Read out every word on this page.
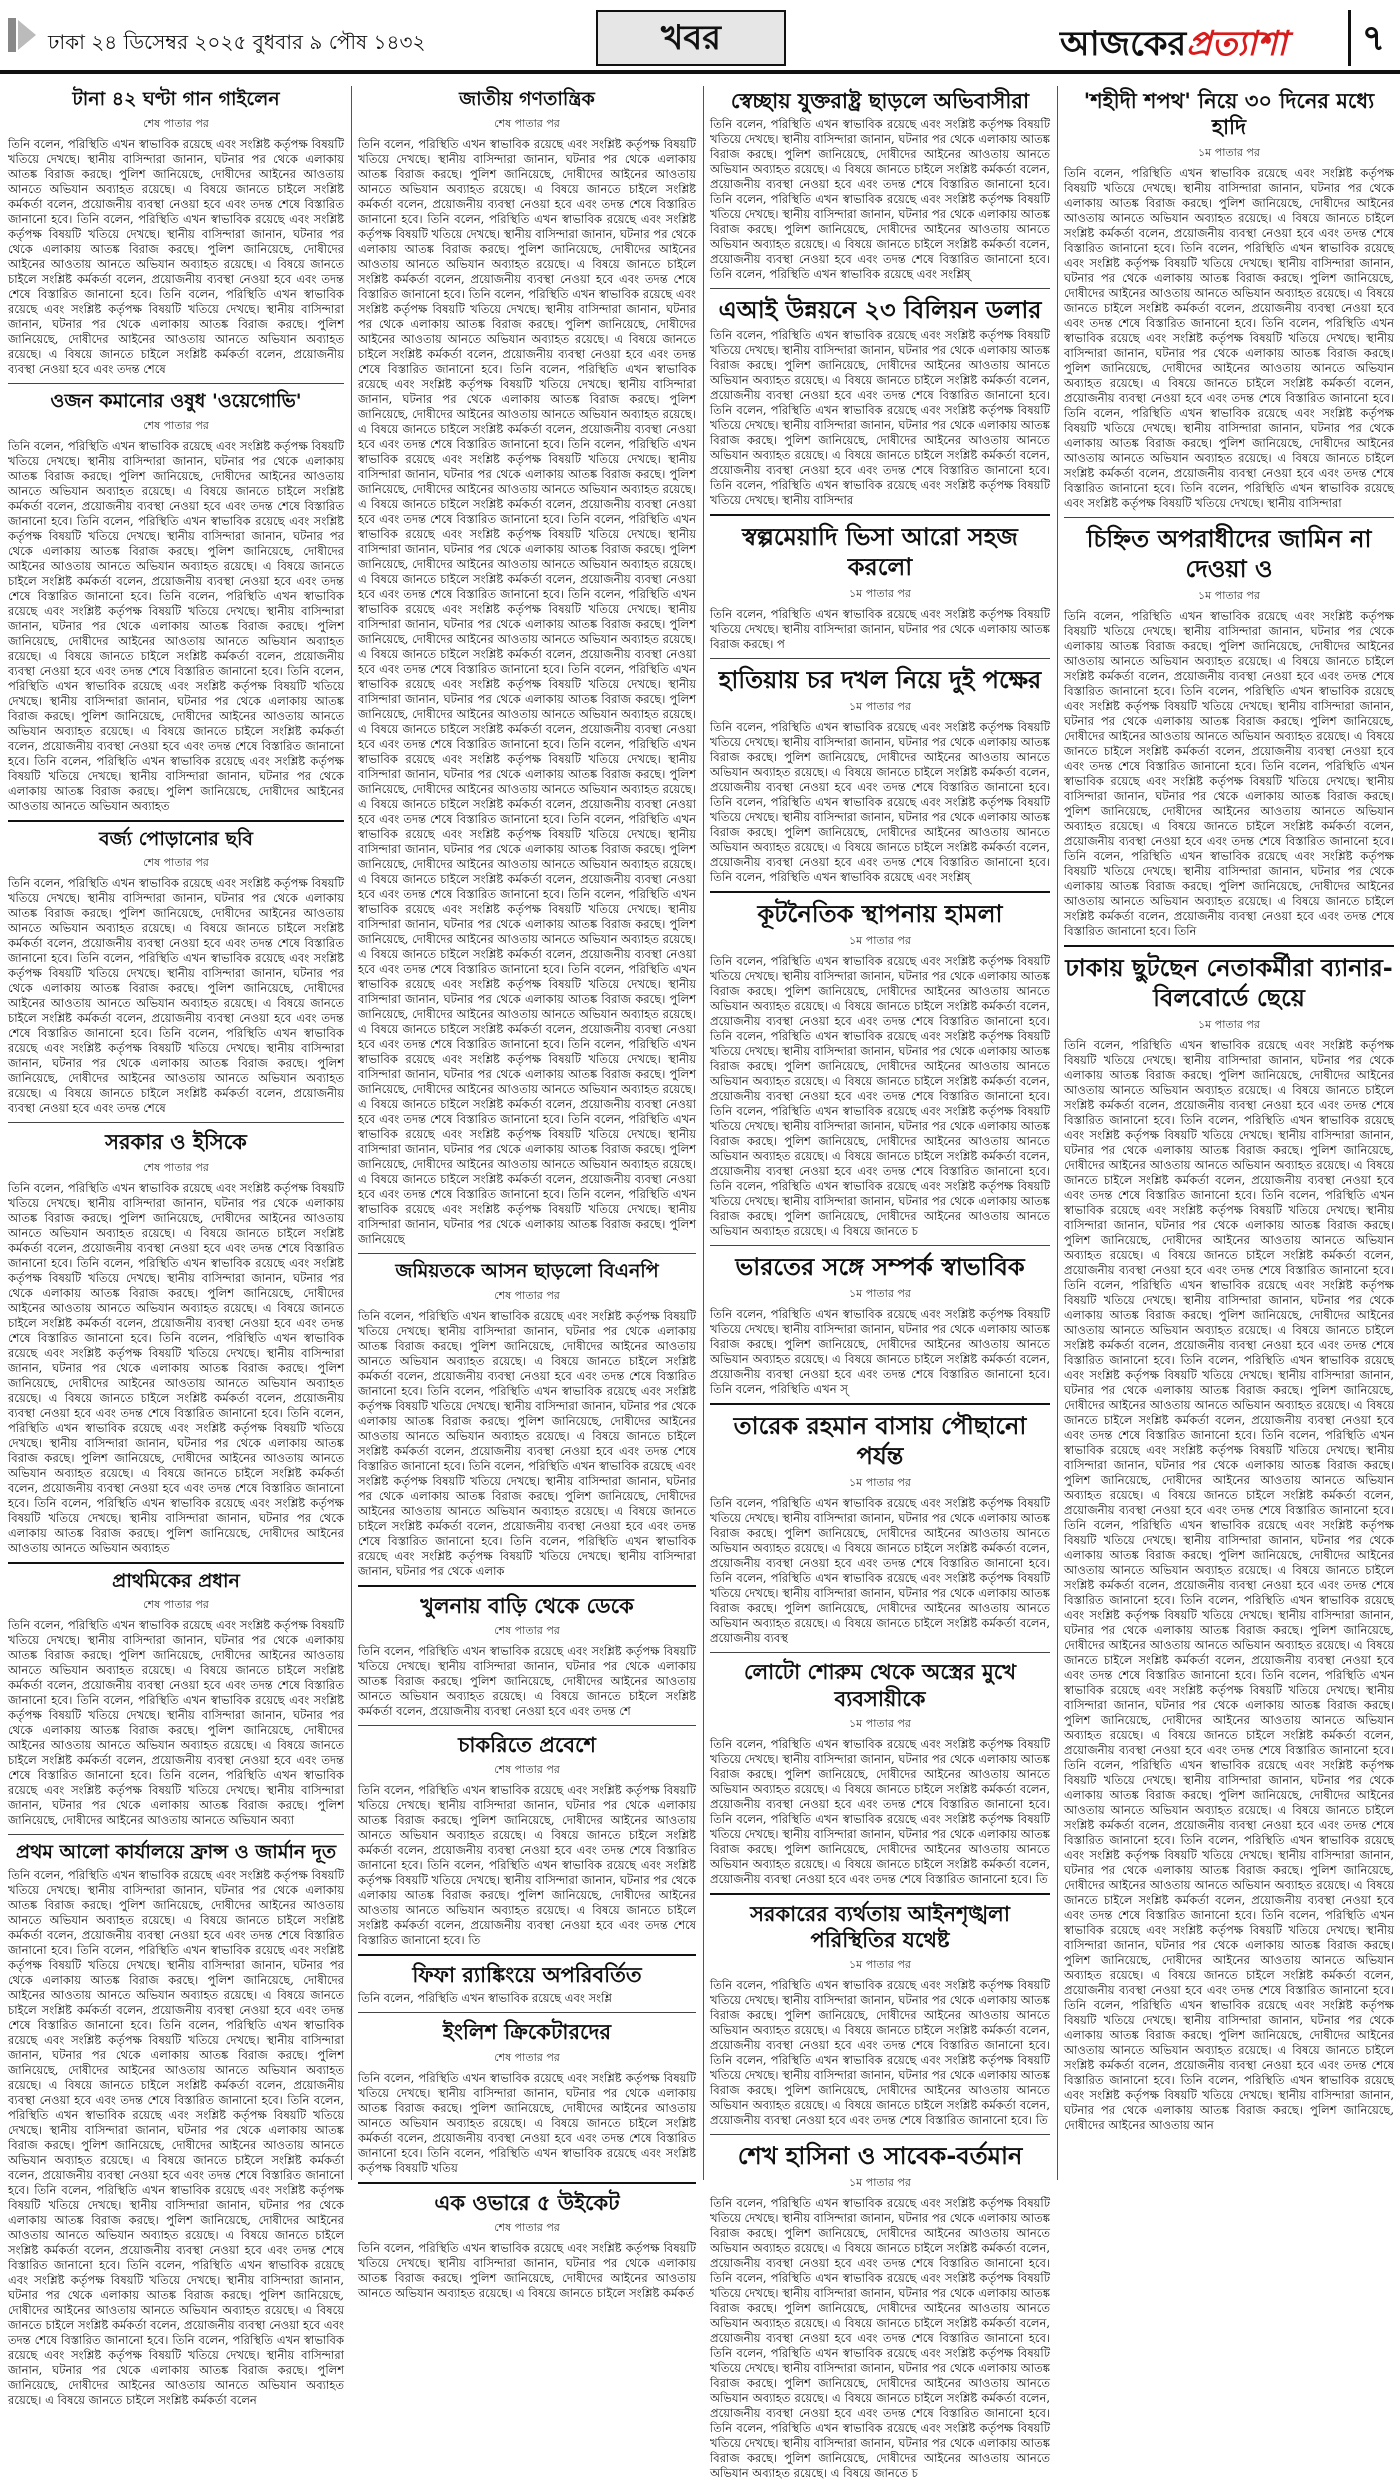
ঢাকা ২৪ ডিসেম্বর ২০২৫ বুধবার ৯ পৌষ ১৪৩২	খবর	আজকেরপ্রত্যাশা	৭
টানা ৪২ ঘণ্টা গান গাইলেন
শেষ পাতার পর
তিনি বলেন, পরিস্থিতি এখন স্বাভাবিক রয়েছে এবং সংশ্লিষ্ট কর্তৃপক্ষ বিষয়টি খতিয়ে দেখছে। স্থানীয় বাসিন্দারা জানান, ঘটনার পর থেকে এলাকায় আতঙ্ক বিরাজ করছে। পুলিশ জানিয়েছে, দোষীদের আইনের আওতায় আনতে অভিযান অব্যাহত রয়েছে। এ বিষয়ে জানতে চাইলে সংশ্লিষ্ট কর্মকর্তা বলেন, প্রয়োজনীয় ব্যবস্থা নেওয়া হবে এবং তদন্ত শেষে বিস্তারিত জানানো হবে। তিনি বলেন, পরিস্থিতি এখন স্বাভাবিক রয়েছে এবং সংশ্লিষ্ট কর্তৃপক্ষ বিষয়টি খতিয়ে দেখছে। স্থানীয় বাসিন্দারা জানান, ঘটনার পর থেকে এলাকায় আতঙ্ক বিরাজ করছে। পুলিশ জানিয়েছে, দোষীদের আইনের আওতায় আনতে অভিযান অব্যাহত রয়েছে। এ বিষয়ে জানতে চাইলে সংশ্লিষ্ট কর্মকর্তা বলেন, প্রয়োজনীয় ব্যবস্থা নেওয়া হবে এবং তদন্ত শেষে বিস্তারিত জানানো হবে। তিনি বলেন, পরিস্থিতি এখন স্বাভাবিক রয়েছে এবং সংশ্লিষ্ট কর্তৃপক্ষ বিষয়টি খতিয়ে দেখছে। স্থানীয় বাসিন্দারা জানান, ঘটনার পর থেকে এলাকায় আতঙ্ক বিরাজ করছে। পুলিশ জানিয়েছে, দোষীদের আইনের আওতায় আনতে অভিযান অব্যাহত রয়েছে। এ বিষয়ে জানতে চাইলে সংশ্লিষ্ট কর্মকর্তা বলেন, প্রয়োজনীয় ব্যবস্থা নেওয়া হবে এবং তদন্ত শেষে
ওজন কমানোর ওষুধ 'ওয়েগোভি'
শেষ পাতার পর
তিনি বলেন, পরিস্থিতি এখন স্বাভাবিক রয়েছে এবং সংশ্লিষ্ট কর্তৃপক্ষ বিষয়টি খতিয়ে দেখছে। স্থানীয় বাসিন্দারা জানান, ঘটনার পর থেকে এলাকায় আতঙ্ক বিরাজ করছে। পুলিশ জানিয়েছে, দোষীদের আইনের আওতায় আনতে অভিযান অব্যাহত রয়েছে। এ বিষয়ে জানতে চাইলে সংশ্লিষ্ট কর্মকর্তা বলেন, প্রয়োজনীয় ব্যবস্থা নেওয়া হবে এবং তদন্ত শেষে বিস্তারিত জানানো হবে। তিনি বলেন, পরিস্থিতি এখন স্বাভাবিক রয়েছে এবং সংশ্লিষ্ট কর্তৃপক্ষ বিষয়টি খতিয়ে দেখছে। স্থানীয় বাসিন্দারা জানান, ঘটনার পর থেকে এলাকায় আতঙ্ক বিরাজ করছে। পুলিশ জানিয়েছে, দোষীদের আইনের আওতায় আনতে অভিযান অব্যাহত রয়েছে। এ বিষয়ে জানতে চাইলে সংশ্লিষ্ট কর্মকর্তা বলেন, প্রয়োজনীয় ব্যবস্থা নেওয়া হবে এবং তদন্ত শেষে বিস্তারিত জানানো হবে। তিনি বলেন, পরিস্থিতি এখন স্বাভাবিক রয়েছে এবং সংশ্লিষ্ট কর্তৃপক্ষ বিষয়টি খতিয়ে দেখছে। স্থানীয় বাসিন্দারা জানান, ঘটনার পর থেকে এলাকায় আতঙ্ক বিরাজ করছে। পুলিশ জানিয়েছে, দোষীদের আইনের আওতায় আনতে অভিযান অব্যাহত রয়েছে। এ বিষয়ে জানতে চাইলে সংশ্লিষ্ট কর্মকর্তা বলেন, প্রয়োজনীয় ব্যবস্থা নেওয়া হবে এবং তদন্ত শেষে বিস্তারিত জানানো হবে। তিনি বলেন, পরিস্থিতি এখন স্বাভাবিক রয়েছে এবং সংশ্লিষ্ট কর্তৃপক্ষ বিষয়টি খতিয়ে দেখছে। স্থানীয় বাসিন্দারা জানান, ঘটনার পর থেকে এলাকায় আতঙ্ক বিরাজ করছে। পুলিশ জানিয়েছে, দোষীদের আইনের আওতায় আনতে অভিযান অব্যাহত রয়েছে। এ বিষয়ে জানতে চাইলে সংশ্লিষ্ট কর্মকর্তা বলেন, প্রয়োজনীয় ব্যবস্থা নেওয়া হবে এবং তদন্ত শেষে বিস্তারিত জানানো হবে। তিনি বলেন, পরিস্থিতি এখন স্বাভাবিক রয়েছে এবং সংশ্লিষ্ট কর্তৃপক্ষ বিষয়টি খতিয়ে দেখছে। স্থানীয় বাসিন্দারা জানান, ঘটনার পর থেকে এলাকায় আতঙ্ক বিরাজ করছে। পুলিশ জানিয়েছে, দোষীদের আইনের আওতায় আনতে অভিযান অব্যাহত
বর্জ্য পোড়ানোর ছবি
শেষ পাতার পর
তিনি বলেন, পরিস্থিতি এখন স্বাভাবিক রয়েছে এবং সংশ্লিষ্ট কর্তৃপক্ষ বিষয়টি খতিয়ে দেখছে। স্থানীয় বাসিন্দারা জানান, ঘটনার পর থেকে এলাকায় আতঙ্ক বিরাজ করছে। পুলিশ জানিয়েছে, দোষীদের আইনের আওতায় আনতে অভিযান অব্যাহত রয়েছে। এ বিষয়ে জানতে চাইলে সংশ্লিষ্ট কর্মকর্তা বলেন, প্রয়োজনীয় ব্যবস্থা নেওয়া হবে এবং তদন্ত শেষে বিস্তারিত জানানো হবে। তিনি বলেন, পরিস্থিতি এখন স্বাভাবিক রয়েছে এবং সংশ্লিষ্ট কর্তৃপক্ষ বিষয়টি খতিয়ে দেখছে। স্থানীয় বাসিন্দারা জানান, ঘটনার পর থেকে এলাকায় আতঙ্ক বিরাজ করছে। পুলিশ জানিয়েছে, দোষীদের আইনের আওতায় আনতে অভিযান অব্যাহত রয়েছে। এ বিষয়ে জানতে চাইলে সংশ্লিষ্ট কর্মকর্তা বলেন, প্রয়োজনীয় ব্যবস্থা নেওয়া হবে এবং তদন্ত শেষে বিস্তারিত জানানো হবে। তিনি বলেন, পরিস্থিতি এখন স্বাভাবিক রয়েছে এবং সংশ্লিষ্ট কর্তৃপক্ষ বিষয়টি খতিয়ে দেখছে। স্থানীয় বাসিন্দারা জানান, ঘটনার পর থেকে এলাকায় আতঙ্ক বিরাজ করছে। পুলিশ জানিয়েছে, দোষীদের আইনের আওতায় আনতে অভিযান অব্যাহত রয়েছে। এ বিষয়ে জানতে চাইলে সংশ্লিষ্ট কর্মকর্তা বলেন, প্রয়োজনীয় ব্যবস্থা নেওয়া হবে এবং তদন্ত শেষে
সরকার ও ইসিকে
শেষ পাতার পর
তিনি বলেন, পরিস্থিতি এখন স্বাভাবিক রয়েছে এবং সংশ্লিষ্ট কর্তৃপক্ষ বিষয়টি খতিয়ে দেখছে। স্থানীয় বাসিন্দারা জানান, ঘটনার পর থেকে এলাকায় আতঙ্ক বিরাজ করছে। পুলিশ জানিয়েছে, দোষীদের আইনের আওতায় আনতে অভিযান অব্যাহত রয়েছে। এ বিষয়ে জানতে চাইলে সংশ্লিষ্ট কর্মকর্তা বলেন, প্রয়োজনীয় ব্যবস্থা নেওয়া হবে এবং তদন্ত শেষে বিস্তারিত জানানো হবে। তিনি বলেন, পরিস্থিতি এখন স্বাভাবিক রয়েছে এবং সংশ্লিষ্ট কর্তৃপক্ষ বিষয়টি খতিয়ে দেখছে। স্থানীয় বাসিন্দারা জানান, ঘটনার পর থেকে এলাকায় আতঙ্ক বিরাজ করছে। পুলিশ জানিয়েছে, দোষীদের আইনের আওতায় আনতে অভিযান অব্যাহত রয়েছে। এ বিষয়ে জানতে চাইলে সংশ্লিষ্ট কর্মকর্তা বলেন, প্রয়োজনীয় ব্যবস্থা নেওয়া হবে এবং তদন্ত শেষে বিস্তারিত জানানো হবে। তিনি বলেন, পরিস্থিতি এখন স্বাভাবিক রয়েছে এবং সংশ্লিষ্ট কর্তৃপক্ষ বিষয়টি খতিয়ে দেখছে। স্থানীয় বাসিন্দারা জানান, ঘটনার পর থেকে এলাকায় আতঙ্ক বিরাজ করছে। পুলিশ জানিয়েছে, দোষীদের আইনের আওতায় আনতে অভিযান অব্যাহত রয়েছে। এ বিষয়ে জানতে চাইলে সংশ্লিষ্ট কর্মকর্তা বলেন, প্রয়োজনীয় ব্যবস্থা নেওয়া হবে এবং তদন্ত শেষে বিস্তারিত জানানো হবে। তিনি বলেন, পরিস্থিতি এখন স্বাভাবিক রয়েছে এবং সংশ্লিষ্ট কর্তৃপক্ষ বিষয়টি খতিয়ে দেখছে। স্থানীয় বাসিন্দারা জানান, ঘটনার পর থেকে এলাকায় আতঙ্ক বিরাজ করছে। পুলিশ জানিয়েছে, দোষীদের আইনের আওতায় আনতে অভিযান অব্যাহত রয়েছে। এ বিষয়ে জানতে চাইলে সংশ্লিষ্ট কর্মকর্তা বলেন, প্রয়োজনীয় ব্যবস্থা নেওয়া হবে এবং তদন্ত শেষে বিস্তারিত জানানো হবে। তিনি বলেন, পরিস্থিতি এখন স্বাভাবিক রয়েছে এবং সংশ্লিষ্ট কর্তৃপক্ষ বিষয়টি খতিয়ে দেখছে। স্থানীয় বাসিন্দারা জানান, ঘটনার পর থেকে এলাকায় আতঙ্ক বিরাজ করছে। পুলিশ জানিয়েছে, দোষীদের আইনের আওতায় আনতে অভিযান অব্যাহত
প্রাথমিকের প্রধান
শেষ পাতার পর
তিনি বলেন, পরিস্থিতি এখন স্বাভাবিক রয়েছে এবং সংশ্লিষ্ট কর্তৃপক্ষ বিষয়টি খতিয়ে দেখছে। স্থানীয় বাসিন্দারা জানান, ঘটনার পর থেকে এলাকায় আতঙ্ক বিরাজ করছে। পুলিশ জানিয়েছে, দোষীদের আইনের আওতায় আনতে অভিযান অব্যাহত রয়েছে। এ বিষয়ে জানতে চাইলে সংশ্লিষ্ট কর্মকর্তা বলেন, প্রয়োজনীয় ব্যবস্থা নেওয়া হবে এবং তদন্ত শেষে বিস্তারিত জানানো হবে। তিনি বলেন, পরিস্থিতি এখন স্বাভাবিক রয়েছে এবং সংশ্লিষ্ট কর্তৃপক্ষ বিষয়টি খতিয়ে দেখছে। স্থানীয় বাসিন্দারা জানান, ঘটনার পর থেকে এলাকায় আতঙ্ক বিরাজ করছে। পুলিশ জানিয়েছে, দোষীদের আইনের আওতায় আনতে অভিযান অব্যাহত রয়েছে। এ বিষয়ে জানতে চাইলে সংশ্লিষ্ট কর্মকর্তা বলেন, প্রয়োজনীয় ব্যবস্থা নেওয়া হবে এবং তদন্ত শেষে বিস্তারিত জানানো হবে। তিনি বলেন, পরিস্থিতি এখন স্বাভাবিক রয়েছে এবং সংশ্লিষ্ট কর্তৃপক্ষ বিষয়টি খতিয়ে দেখছে। স্থানীয় বাসিন্দারা জানান, ঘটনার পর থেকে এলাকায় আতঙ্ক বিরাজ করছে। পুলিশ জানিয়েছে, দোষীদের আইনের আওতায় আনতে অভিযান অব্যা
প্রথম আলো কার্যালয়ে ফ্রান্স ও জার্মান দূত
তিনি বলেন, পরিস্থিতি এখন স্বাভাবিক রয়েছে এবং সংশ্লিষ্ট কর্তৃপক্ষ বিষয়টি খতিয়ে দেখছে। স্থানীয় বাসিন্দারা জানান, ঘটনার পর থেকে এলাকায় আতঙ্ক বিরাজ করছে। পুলিশ জানিয়েছে, দোষীদের আইনের আওতায় আনতে অভিযান অব্যাহত রয়েছে। এ বিষয়ে জানতে চাইলে সংশ্লিষ্ট কর্মকর্তা বলেন, প্রয়োজনীয় ব্যবস্থা নেওয়া হবে এবং তদন্ত শেষে বিস্তারিত জানানো হবে। তিনি বলেন, পরিস্থিতি এখন স্বাভাবিক রয়েছে এবং সংশ্লিষ্ট কর্তৃপক্ষ বিষয়টি খতিয়ে দেখছে। স্থানীয় বাসিন্দারা জানান, ঘটনার পর থেকে এলাকায় আতঙ্ক বিরাজ করছে। পুলিশ জানিয়েছে, দোষীদের আইনের আওতায় আনতে অভিযান অব্যাহত রয়েছে। এ বিষয়ে জানতে চাইলে সংশ্লিষ্ট কর্মকর্তা বলেন, প্রয়োজনীয় ব্যবস্থা নেওয়া হবে এবং তদন্ত শেষে বিস্তারিত জানানো হবে। তিনি বলেন, পরিস্থিতি এখন স্বাভাবিক রয়েছে এবং সংশ্লিষ্ট কর্তৃপক্ষ বিষয়টি খতিয়ে দেখছে। স্থানীয় বাসিন্দারা জানান, ঘটনার পর থেকে এলাকায় আতঙ্ক বিরাজ করছে। পুলিশ জানিয়েছে, দোষীদের আইনের আওতায় আনতে অভিযান অব্যাহত রয়েছে। এ বিষয়ে জানতে চাইলে সংশ্লিষ্ট কর্মকর্তা বলেন, প্রয়োজনীয় ব্যবস্থা নেওয়া হবে এবং তদন্ত শেষে বিস্তারিত জানানো হবে। তিনি বলেন, পরিস্থিতি এখন স্বাভাবিক রয়েছে এবং সংশ্লিষ্ট কর্তৃপক্ষ বিষয়টি খতিয়ে দেখছে। স্থানীয় বাসিন্দারা জানান, ঘটনার পর থেকে এলাকায় আতঙ্ক বিরাজ করছে। পুলিশ জানিয়েছে, দোষীদের আইনের আওতায় আনতে অভিযান অব্যাহত রয়েছে। এ বিষয়ে জানতে চাইলে সংশ্লিষ্ট কর্মকর্তা বলেন, প্রয়োজনীয় ব্যবস্থা নেওয়া হবে এবং তদন্ত শেষে বিস্তারিত জানানো হবে। তিনি বলেন, পরিস্থিতি এখন স্বাভাবিক রয়েছে এবং সংশ্লিষ্ট কর্তৃপক্ষ বিষয়টি খতিয়ে দেখছে। স্থানীয় বাসিন্দারা জানান, ঘটনার পর থেকে এলাকায় আতঙ্ক বিরাজ করছে। পুলিশ জানিয়েছে, দোষীদের আইনের আওতায় আনতে অভিযান অব্যাহত রয়েছে। এ বিষয়ে জানতে চাইলে সংশ্লিষ্ট কর্মকর্তা বলেন, প্রয়োজনীয় ব্যবস্থা নেওয়া হবে এবং তদন্ত শেষে বিস্তারিত জানানো হবে। তিনি বলেন, পরিস্থিতি এখন স্বাভাবিক রয়েছে এবং সংশ্লিষ্ট কর্তৃপক্ষ বিষয়টি খতিয়ে দেখছে। স্থানীয় বাসিন্দারা জানান, ঘটনার পর থেকে এলাকায় আতঙ্ক বিরাজ করছে। পুলিশ জানিয়েছে, দোষীদের আইনের আওতায় আনতে অভিযান অব্যাহত রয়েছে। এ বিষয়ে জানতে চাইলে সংশ্লিষ্ট কর্মকর্তা বলেন, প্রয়োজনীয় ব্যবস্থা নেওয়া হবে এবং তদন্ত শেষে বিস্তারিত জানানো হবে। তিনি বলেন, পরিস্থিতি এখন স্বাভাবিক রয়েছে এবং সংশ্লিষ্ট কর্তৃপক্ষ বিষয়টি খতিয়ে দেখছে। স্থানীয় বাসিন্দারা জানান, ঘটনার পর থেকে এলাকায় আতঙ্ক বিরাজ করছে। পুলিশ জানিয়েছে, দোষীদের আইনের আওতায় আনতে অভিযান অব্যাহত রয়েছে। এ বিষয়ে জানতে চাইলে সংশ্লিষ্ট কর্মকর্তা বলেন
জাতীয় গণতান্ত্রিক
শেষ পাতার পর
তিনি বলেন, পরিস্থিতি এখন স্বাভাবিক রয়েছে এবং সংশ্লিষ্ট কর্তৃপক্ষ বিষয়টি খতিয়ে দেখছে। স্থানীয় বাসিন্দারা জানান, ঘটনার পর থেকে এলাকায় আতঙ্ক বিরাজ করছে। পুলিশ জানিয়েছে, দোষীদের আইনের আওতায় আনতে অভিযান অব্যাহত রয়েছে। এ বিষয়ে জানতে চাইলে সংশ্লিষ্ট কর্মকর্তা বলেন, প্রয়োজনীয় ব্যবস্থা নেওয়া হবে এবং তদন্ত শেষে বিস্তারিত জানানো হবে। তিনি বলেন, পরিস্থিতি এখন স্বাভাবিক রয়েছে এবং সংশ্লিষ্ট কর্তৃপক্ষ বিষয়টি খতিয়ে দেখছে। স্থানীয় বাসিন্দারা জানান, ঘটনার পর থেকে এলাকায় আতঙ্ক বিরাজ করছে। পুলিশ জানিয়েছে, দোষীদের আইনের আওতায় আনতে অভিযান অব্যাহত রয়েছে। এ বিষয়ে জানতে চাইলে সংশ্লিষ্ট কর্মকর্তা বলেন, প্রয়োজনীয় ব্যবস্থা নেওয়া হবে এবং তদন্ত শেষে বিস্তারিত জানানো হবে। তিনি বলেন, পরিস্থিতি এখন স্বাভাবিক রয়েছে এবং সংশ্লিষ্ট কর্তৃপক্ষ বিষয়টি খতিয়ে দেখছে। স্থানীয় বাসিন্দারা জানান, ঘটনার পর থেকে এলাকায় আতঙ্ক বিরাজ করছে। পুলিশ জানিয়েছে, দোষীদের আইনের আওতায় আনতে অভিযান অব্যাহত রয়েছে। এ বিষয়ে জানতে চাইলে সংশ্লিষ্ট কর্মকর্তা বলেন, প্রয়োজনীয় ব্যবস্থা নেওয়া হবে এবং তদন্ত শেষে বিস্তারিত জানানো হবে। তিনি বলেন, পরিস্থিতি এখন স্বাভাবিক রয়েছে এবং সংশ্লিষ্ট কর্তৃপক্ষ বিষয়টি খতিয়ে দেখছে। স্থানীয় বাসিন্দারা জানান, ঘটনার পর থেকে এলাকায় আতঙ্ক বিরাজ করছে। পুলিশ জানিয়েছে, দোষীদের আইনের আওতায় আনতে অভিযান অব্যাহত রয়েছে। এ বিষয়ে জানতে চাইলে সংশ্লিষ্ট কর্মকর্তা বলেন, প্রয়োজনীয় ব্যবস্থা নেওয়া হবে এবং তদন্ত শেষে বিস্তারিত জানানো হবে। তিনি বলেন, পরিস্থিতি এখন স্বাভাবিক রয়েছে এবং সংশ্লিষ্ট কর্তৃপক্ষ বিষয়টি খতিয়ে দেখছে। স্থানীয় বাসিন্দারা জানান, ঘটনার পর থেকে এলাকায় আতঙ্ক বিরাজ করছে। পুলিশ জানিয়েছে, দোষীদের আইনের আওতায় আনতে অভিযান অব্যাহত রয়েছে। এ বিষয়ে জানতে চাইলে সংশ্লিষ্ট কর্মকর্তা বলেন, প্রয়োজনীয় ব্যবস্থা নেওয়া হবে এবং তদন্ত শেষে বিস্তারিত জানানো হবে। তিনি বলেন, পরিস্থিতি এখন স্বাভাবিক রয়েছে এবং সংশ্লিষ্ট কর্তৃপক্ষ বিষয়টি খতিয়ে দেখছে। স্থানীয় বাসিন্দারা জানান, ঘটনার পর থেকে এলাকায় আতঙ্ক বিরাজ করছে। পুলিশ জানিয়েছে, দোষীদের আইনের আওতায় আনতে অভিযান অব্যাহত রয়েছে। এ বিষয়ে জানতে চাইলে সংশ্লিষ্ট কর্মকর্তা বলেন, প্রয়োজনীয় ব্যবস্থা নেওয়া হবে এবং তদন্ত শেষে বিস্তারিত জানানো হবে। তিনি বলেন, পরিস্থিতি এখন স্বাভাবিক রয়েছে এবং সংশ্লিষ্ট কর্তৃপক্ষ বিষয়টি খতিয়ে দেখছে। স্থানীয় বাসিন্দারা জানান, ঘটনার পর থেকে এলাকায় আতঙ্ক বিরাজ করছে। পুলিশ জানিয়েছে, দোষীদের আইনের আওতায় আনতে অভিযান অব্যাহত রয়েছে। এ বিষয়ে জানতে চাইলে সংশ্লিষ্ট কর্মকর্তা বলেন, প্রয়োজনীয় ব্যবস্থা নেওয়া হবে এবং তদন্ত শেষে বিস্তারিত জানানো হবে। তিনি বলেন, পরিস্থিতি এখন স্বাভাবিক রয়েছে এবং সংশ্লিষ্ট কর্তৃপক্ষ বিষয়টি খতিয়ে দেখছে। স্থানীয় বাসিন্দারা জানান, ঘটনার পর থেকে এলাকায় আতঙ্ক বিরাজ করছে। পুলিশ জানিয়েছে, দোষীদের আইনের আওতায় আনতে অভিযান অব্যাহত রয়েছে। এ বিষয়ে জানতে চাইলে সংশ্লিষ্ট কর্মকর্তা বলেন, প্রয়োজনীয় ব্যবস্থা নেওয়া হবে এবং তদন্ত শেষে বিস্তারিত জানানো হবে। তিনি বলেন, পরিস্থিতি এখন স্বাভাবিক রয়েছে এবং সংশ্লিষ্ট কর্তৃপক্ষ বিষয়টি খতিয়ে দেখছে। স্থানীয় বাসিন্দারা জানান, ঘটনার পর থেকে এলাকায় আতঙ্ক বিরাজ করছে। পুলিশ জানিয়েছে, দোষীদের আইনের আওতায় আনতে অভিযান অব্যাহত রয়েছে। এ বিষয়ে জানতে চাইলে সংশ্লিষ্ট কর্মকর্তা বলেন, প্রয়োজনীয় ব্যবস্থা নেওয়া হবে এবং তদন্ত শেষে বিস্তারিত জানানো হবে। তিনি বলেন, পরিস্থিতি এখন স্বাভাবিক রয়েছে এবং সংশ্লিষ্ট কর্তৃপক্ষ বিষয়টি খতিয়ে দেখছে। স্থানীয় বাসিন্দারা জানান, ঘটনার পর থেকে এলাকায় আতঙ্ক বিরাজ করছে। পুলিশ জানিয়েছে, দোষীদের আইনের আওতায় আনতে অভিযান অব্যাহত রয়েছে। এ বিষয়ে জানতে চাইলে সংশ্লিষ্ট কর্মকর্তা বলেন, প্রয়োজনীয় ব্যবস্থা নেওয়া হবে এবং তদন্ত শেষে বিস্তারিত জানানো হবে। তিনি বলেন, পরিস্থিতি এখন স্বাভাবিক রয়েছে এবং সংশ্লিষ্ট কর্তৃপক্ষ বিষয়টি খতিয়ে দেখছে। স্থানীয় বাসিন্দারা জানান, ঘটনার পর থেকে এলাকায় আতঙ্ক বিরাজ করছে। পুলিশ জানিয়েছে, দোষীদের আইনের আওতায় আনতে অভিযান অব্যাহত রয়েছে। এ বিষয়ে জানতে চাইলে সংশ্লিষ্ট কর্মকর্তা বলেন, প্রয়োজনীয় ব্যবস্থা নেওয়া হবে এবং তদন্ত শেষে বিস্তারিত জানানো হবে। তিনি বলেন, পরিস্থিতি এখন স্বাভাবিক রয়েছে এবং সংশ্লিষ্ট কর্তৃপক্ষ বিষয়টি খতিয়ে দেখছে। স্থানীয় বাসিন্দারা জানান, ঘটনার পর থেকে এলাকায় আতঙ্ক বিরাজ করছে। পুলিশ জানিয়েছে, দোষীদের আইনের আওতায় আনতে অভিযান অব্যাহত রয়েছে। এ বিষয়ে জানতে চাইলে সংশ্লিষ্ট কর্মকর্তা বলেন, প্রয়োজনীয় ব্যবস্থা নেওয়া হবে এবং তদন্ত শেষে বিস্তারিত জানানো হবে। তিনি বলেন, পরিস্থিতি এখন স্বাভাবিক রয়েছে এবং সংশ্লিষ্ট কর্তৃপক্ষ বিষয়টি খতিয়ে দেখছে। স্থানীয় বাসিন্দারা জানান, ঘটনার পর থেকে এলাকায় আতঙ্ক বিরাজ করছে। পুলিশ জানিয়েছে, দোষীদের আইনের আওতায় আনতে অভিযান অব্যাহত রয়েছে। এ বিষয়ে জানতে চাইলে সংশ্লিষ্ট কর্মকর্তা বলেন, প্রয়োজনীয় ব্যবস্থা নেওয়া হবে এবং তদন্ত শেষে বিস্তারিত জানানো হবে। তিনি বলেন, পরিস্থিতি এখন স্বাভাবিক রয়েছে এবং সংশ্লিষ্ট কর্তৃপক্ষ বিষয়টি খতিয়ে দেখছে। স্থানীয় বাসিন্দারা জানান, ঘটনার পর থেকে এলাকায় আতঙ্ক বিরাজ করছে। পুলিশ জানিয়েছে, দোষীদের আইনের আওতায় আনতে অভিযান অব্যাহত রয়েছে। এ বিষয়ে জানতে চাইলে সংশ্লিষ্ট কর্মকর্তা বলেন, প্রয়োজনীয় ব্যবস্থা নেওয়া হবে এবং তদন্ত শেষে বিস্তারিত জানানো হবে। তিনি বলেন, পরিস্থিতি এখন স্বাভাবিক রয়েছে এবং সংশ্লিষ্ট কর্তৃপক্ষ বিষয়টি খতিয়ে দেখছে। স্থানীয় বাসিন্দারা জানান, ঘটনার পর থেকে এলাকায় আতঙ্ক বিরাজ করছে। পুলিশ জানিয়েছে
জমিয়তকে আসন ছাড়লো বিএনপি
শেষ পাতার পর
তিনি বলেন, পরিস্থিতি এখন স্বাভাবিক রয়েছে এবং সংশ্লিষ্ট কর্তৃপক্ষ বিষয়টি খতিয়ে দেখছে। স্থানীয় বাসিন্দারা জানান, ঘটনার পর থেকে এলাকায় আতঙ্ক বিরাজ করছে। পুলিশ জানিয়েছে, দোষীদের আইনের আওতায় আনতে অভিযান অব্যাহত রয়েছে। এ বিষয়ে জানতে চাইলে সংশ্লিষ্ট কর্মকর্তা বলেন, প্রয়োজনীয় ব্যবস্থা নেওয়া হবে এবং তদন্ত শেষে বিস্তারিত জানানো হবে। তিনি বলেন, পরিস্থিতি এখন স্বাভাবিক রয়েছে এবং সংশ্লিষ্ট কর্তৃপক্ষ বিষয়টি খতিয়ে দেখছে। স্থানীয় বাসিন্দারা জানান, ঘটনার পর থেকে এলাকায় আতঙ্ক বিরাজ করছে। পুলিশ জানিয়েছে, দোষীদের আইনের আওতায় আনতে অভিযান অব্যাহত রয়েছে। এ বিষয়ে জানতে চাইলে সংশ্লিষ্ট কর্মকর্তা বলেন, প্রয়োজনীয় ব্যবস্থা নেওয়া হবে এবং তদন্ত শেষে বিস্তারিত জানানো হবে। তিনি বলেন, পরিস্থিতি এখন স্বাভাবিক রয়েছে এবং সংশ্লিষ্ট কর্তৃপক্ষ বিষয়টি খতিয়ে দেখছে। স্থানীয় বাসিন্দারা জানান, ঘটনার পর থেকে এলাকায় আতঙ্ক বিরাজ করছে। পুলিশ জানিয়েছে, দোষীদের আইনের আওতায় আনতে অভিযান অব্যাহত রয়েছে। এ বিষয়ে জানতে চাইলে সংশ্লিষ্ট কর্মকর্তা বলেন, প্রয়োজনীয় ব্যবস্থা নেওয়া হবে এবং তদন্ত শেষে বিস্তারিত জানানো হবে। তিনি বলেন, পরিস্থিতি এখন স্বাভাবিক রয়েছে এবং সংশ্লিষ্ট কর্তৃপক্ষ বিষয়টি খতিয়ে দেখছে। স্থানীয় বাসিন্দারা জানান, ঘটনার পর থেকে এলাক
খুলনায় বাড়ি থেকে ডেকে
শেষ পাতার পর
তিনি বলেন, পরিস্থিতি এখন স্বাভাবিক রয়েছে এবং সংশ্লিষ্ট কর্তৃপক্ষ বিষয়টি খতিয়ে দেখছে। স্থানীয় বাসিন্দারা জানান, ঘটনার পর থেকে এলাকায় আতঙ্ক বিরাজ করছে। পুলিশ জানিয়েছে, দোষীদের আইনের আওতায় আনতে অভিযান অব্যাহত রয়েছে। এ বিষয়ে জানতে চাইলে সংশ্লিষ্ট কর্মকর্তা বলেন, প্রয়োজনীয় ব্যবস্থা নেওয়া হবে এবং তদন্ত শে
চাকরিতে প্রবেশে
শেষ পাতার পর
তিনি বলেন, পরিস্থিতি এখন স্বাভাবিক রয়েছে এবং সংশ্লিষ্ট কর্তৃপক্ষ বিষয়টি খতিয়ে দেখছে। স্থানীয় বাসিন্দারা জানান, ঘটনার পর থেকে এলাকায় আতঙ্ক বিরাজ করছে। পুলিশ জানিয়েছে, দোষীদের আইনের আওতায় আনতে অভিযান অব্যাহত রয়েছে। এ বিষয়ে জানতে চাইলে সংশ্লিষ্ট কর্মকর্তা বলেন, প্রয়োজনীয় ব্যবস্থা নেওয়া হবে এবং তদন্ত শেষে বিস্তারিত জানানো হবে। তিনি বলেন, পরিস্থিতি এখন স্বাভাবিক রয়েছে এবং সংশ্লিষ্ট কর্তৃপক্ষ বিষয়টি খতিয়ে দেখছে। স্থানীয় বাসিন্দারা জানান, ঘটনার পর থেকে এলাকায় আতঙ্ক বিরাজ করছে। পুলিশ জানিয়েছে, দোষীদের আইনের আওতায় আনতে অভিযান অব্যাহত রয়েছে। এ বিষয়ে জানতে চাইলে সংশ্লিষ্ট কর্মকর্তা বলেন, প্রয়োজনীয় ব্যবস্থা নেওয়া হবে এবং তদন্ত শেষে বিস্তারিত জানানো হবে। তি
ফিফা র‍্যাঙ্কিংয়ে অপরিবর্তিত
তিনি বলেন, পরিস্থিতি এখন স্বাভাবিক রয়েছে এবং সংশ্লি
ইংলিশ ক্রিকেটারদের
শেষ পাতার পর
তিনি বলেন, পরিস্থিতি এখন স্বাভাবিক রয়েছে এবং সংশ্লিষ্ট কর্তৃপক্ষ বিষয়টি খতিয়ে দেখছে। স্থানীয় বাসিন্দারা জানান, ঘটনার পর থেকে এলাকায় আতঙ্ক বিরাজ করছে। পুলিশ জানিয়েছে, দোষীদের আইনের আওতায় আনতে অভিযান অব্যাহত রয়েছে। এ বিষয়ে জানতে চাইলে সংশ্লিষ্ট কর্মকর্তা বলেন, প্রয়োজনীয় ব্যবস্থা নেওয়া হবে এবং তদন্ত শেষে বিস্তারিত জানানো হবে। তিনি বলেন, পরিস্থিতি এখন স্বাভাবিক রয়েছে এবং সংশ্লিষ্ট কর্তৃপক্ষ বিষয়টি খতিয়
এক ওভারে ৫ উইকেট
শেষ পাতার পর
তিনি বলেন, পরিস্থিতি এখন স্বাভাবিক রয়েছে এবং সংশ্লিষ্ট কর্তৃপক্ষ বিষয়টি খতিয়ে দেখছে। স্থানীয় বাসিন্দারা জানান, ঘটনার পর থেকে এলাকায় আতঙ্ক বিরাজ করছে। পুলিশ জানিয়েছে, দোষীদের আইনের আওতায় আনতে অভিযান অব্যাহত রয়েছে। এ বিষয়ে জানতে চাইলে সংশ্লিষ্ট কর্মকর্ত
স্বেচ্ছায় যুক্তরাষ্ট্র ছাড়লে অভিবাসীরা
তিনি বলেন, পরিস্থিতি এখন স্বাভাবিক রয়েছে এবং সংশ্লিষ্ট কর্তৃপক্ষ বিষয়টি খতিয়ে দেখছে। স্থানীয় বাসিন্দারা জানান, ঘটনার পর থেকে এলাকায় আতঙ্ক বিরাজ করছে। পুলিশ জানিয়েছে, দোষীদের আইনের আওতায় আনতে অভিযান অব্যাহত রয়েছে। এ বিষয়ে জানতে চাইলে সংশ্লিষ্ট কর্মকর্তা বলেন, প্রয়োজনীয় ব্যবস্থা নেওয়া হবে এবং তদন্ত শেষে বিস্তারিত জানানো হবে। তিনি বলেন, পরিস্থিতি এখন স্বাভাবিক রয়েছে এবং সংশ্লিষ্ট কর্তৃপক্ষ বিষয়টি খতিয়ে দেখছে। স্থানীয় বাসিন্দারা জানান, ঘটনার পর থেকে এলাকায় আতঙ্ক বিরাজ করছে। পুলিশ জানিয়েছে, দোষীদের আইনের আওতায় আনতে অভিযান অব্যাহত রয়েছে। এ বিষয়ে জানতে চাইলে সংশ্লিষ্ট কর্মকর্তা বলেন, প্রয়োজনীয় ব্যবস্থা নেওয়া হবে এবং তদন্ত শেষে বিস্তারিত জানানো হবে। তিনি বলেন, পরিস্থিতি এখন স্বাভাবিক রয়েছে এবং সংশ্লিষ্
এআই উন্নয়নে ২৩ বিলিয়ন ডলার
তিনি বলেন, পরিস্থিতি এখন স্বাভাবিক রয়েছে এবং সংশ্লিষ্ট কর্তৃপক্ষ বিষয়টি খতিয়ে দেখছে। স্থানীয় বাসিন্দারা জানান, ঘটনার পর থেকে এলাকায় আতঙ্ক বিরাজ করছে। পুলিশ জানিয়েছে, দোষীদের আইনের আওতায় আনতে অভিযান অব্যাহত রয়েছে। এ বিষয়ে জানতে চাইলে সংশ্লিষ্ট কর্মকর্তা বলেন, প্রয়োজনীয় ব্যবস্থা নেওয়া হবে এবং তদন্ত শেষে বিস্তারিত জানানো হবে। তিনি বলেন, পরিস্থিতি এখন স্বাভাবিক রয়েছে এবং সংশ্লিষ্ট কর্তৃপক্ষ বিষয়টি খতিয়ে দেখছে। স্থানীয় বাসিন্দারা জানান, ঘটনার পর থেকে এলাকায় আতঙ্ক বিরাজ করছে। পুলিশ জানিয়েছে, দোষীদের আইনের আওতায় আনতে অভিযান অব্যাহত রয়েছে। এ বিষয়ে জানতে চাইলে সংশ্লিষ্ট কর্মকর্তা বলেন, প্রয়োজনীয় ব্যবস্থা নেওয়া হবে এবং তদন্ত শেষে বিস্তারিত জানানো হবে। তিনি বলেন, পরিস্থিতি এখন স্বাভাবিক রয়েছে এবং সংশ্লিষ্ট কর্তৃপক্ষ বিষয়টি খতিয়ে দেখছে। স্থানীয় বাসিন্দার
স্বল্পমেয়াদি ভিসা আরো সহজ করলো
১ম পাতার পর
তিনি বলেন, পরিস্থিতি এখন স্বাভাবিক রয়েছে এবং সংশ্লিষ্ট কর্তৃপক্ষ বিষয়টি খতিয়ে দেখছে। স্থানীয় বাসিন্দারা জানান, ঘটনার পর থেকে এলাকায় আতঙ্ক বিরাজ করছে। প
হাতিয়ায় চর দখল নিয়ে দুই পক্ষের
১ম পাতার পর
তিনি বলেন, পরিস্থিতি এখন স্বাভাবিক রয়েছে এবং সংশ্লিষ্ট কর্তৃপক্ষ বিষয়টি খতিয়ে দেখছে। স্থানীয় বাসিন্দারা জানান, ঘটনার পর থেকে এলাকায় আতঙ্ক বিরাজ করছে। পুলিশ জানিয়েছে, দোষীদের আইনের আওতায় আনতে অভিযান অব্যাহত রয়েছে। এ বিষয়ে জানতে চাইলে সংশ্লিষ্ট কর্মকর্তা বলেন, প্রয়োজনীয় ব্যবস্থা নেওয়া হবে এবং তদন্ত শেষে বিস্তারিত জানানো হবে। তিনি বলেন, পরিস্থিতি এখন স্বাভাবিক রয়েছে এবং সংশ্লিষ্ট কর্তৃপক্ষ বিষয়টি খতিয়ে দেখছে। স্থানীয় বাসিন্দারা জানান, ঘটনার পর থেকে এলাকায় আতঙ্ক বিরাজ করছে। পুলিশ জানিয়েছে, দোষীদের আইনের আওতায় আনতে অভিযান অব্যাহত রয়েছে। এ বিষয়ে জানতে চাইলে সংশ্লিষ্ট কর্মকর্তা বলেন, প্রয়োজনীয় ব্যবস্থা নেওয়া হবে এবং তদন্ত শেষে বিস্তারিত জানানো হবে। তিনি বলেন, পরিস্থিতি এখন স্বাভাবিক রয়েছে এবং সংশ্লিষ্
কূটনৈতিক স্থাপনায় হামলা
১ম পাতার পর
তিনি বলেন, পরিস্থিতি এখন স্বাভাবিক রয়েছে এবং সংশ্লিষ্ট কর্তৃপক্ষ বিষয়টি খতিয়ে দেখছে। স্থানীয় বাসিন্দারা জানান, ঘটনার পর থেকে এলাকায় আতঙ্ক বিরাজ করছে। পুলিশ জানিয়েছে, দোষীদের আইনের আওতায় আনতে অভিযান অব্যাহত রয়েছে। এ বিষয়ে জানতে চাইলে সংশ্লিষ্ট কর্মকর্তা বলেন, প্রয়োজনীয় ব্যবস্থা নেওয়া হবে এবং তদন্ত শেষে বিস্তারিত জানানো হবে। তিনি বলেন, পরিস্থিতি এখন স্বাভাবিক রয়েছে এবং সংশ্লিষ্ট কর্তৃপক্ষ বিষয়টি খতিয়ে দেখছে। স্থানীয় বাসিন্দারা জানান, ঘটনার পর থেকে এলাকায় আতঙ্ক বিরাজ করছে। পুলিশ জানিয়েছে, দোষীদের আইনের আওতায় আনতে অভিযান অব্যাহত রয়েছে। এ বিষয়ে জানতে চাইলে সংশ্লিষ্ট কর্মকর্তা বলেন, প্রয়োজনীয় ব্যবস্থা নেওয়া হবে এবং তদন্ত শেষে বিস্তারিত জানানো হবে। তিনি বলেন, পরিস্থিতি এখন স্বাভাবিক রয়েছে এবং সংশ্লিষ্ট কর্তৃপক্ষ বিষয়টি খতিয়ে দেখছে। স্থানীয় বাসিন্দারা জানান, ঘটনার পর থেকে এলাকায় আতঙ্ক বিরাজ করছে। পুলিশ জানিয়েছে, দোষীদের আইনের আওতায় আনতে অভিযান অব্যাহত রয়েছে। এ বিষয়ে জানতে চাইলে সংশ্লিষ্ট কর্মকর্তা বলেন, প্রয়োজনীয় ব্যবস্থা নেওয়া হবে এবং তদন্ত শেষে বিস্তারিত জানানো হবে। তিনি বলেন, পরিস্থিতি এখন স্বাভাবিক রয়েছে এবং সংশ্লিষ্ট কর্তৃপক্ষ বিষয়টি খতিয়ে দেখছে। স্থানীয় বাসিন্দারা জানান, ঘটনার পর থেকে এলাকায় আতঙ্ক বিরাজ করছে। পুলিশ জানিয়েছে, দোষীদের আইনের আওতায় আনতে অভিযান অব্যাহত রয়েছে। এ বিষয়ে জানতে চ
ভারতের সঙ্গে সম্পর্ক স্বাভাবিক
১ম পাতার পর
তিনি বলেন, পরিস্থিতি এখন স্বাভাবিক রয়েছে এবং সংশ্লিষ্ট কর্তৃপক্ষ বিষয়টি খতিয়ে দেখছে। স্থানীয় বাসিন্দারা জানান, ঘটনার পর থেকে এলাকায় আতঙ্ক বিরাজ করছে। পুলিশ জানিয়েছে, দোষীদের আইনের আওতায় আনতে অভিযান অব্যাহত রয়েছে। এ বিষয়ে জানতে চাইলে সংশ্লিষ্ট কর্মকর্তা বলেন, প্রয়োজনীয় ব্যবস্থা নেওয়া হবে এবং তদন্ত শেষে বিস্তারিত জানানো হবে। তিনি বলেন, পরিস্থিতি এখন স্
তারেক রহমান বাসায় পৌছানো পর্যন্ত
১ম পাতার পর
তিনি বলেন, পরিস্থিতি এখন স্বাভাবিক রয়েছে এবং সংশ্লিষ্ট কর্তৃপক্ষ বিষয়টি খতিয়ে দেখছে। স্থানীয় বাসিন্দারা জানান, ঘটনার পর থেকে এলাকায় আতঙ্ক বিরাজ করছে। পুলিশ জানিয়েছে, দোষীদের আইনের আওতায় আনতে অভিযান অব্যাহত রয়েছে। এ বিষয়ে জানতে চাইলে সংশ্লিষ্ট কর্মকর্তা বলেন, প্রয়োজনীয় ব্যবস্থা নেওয়া হবে এবং তদন্ত শেষে বিস্তারিত জানানো হবে। তিনি বলেন, পরিস্থিতি এখন স্বাভাবিক রয়েছে এবং সংশ্লিষ্ট কর্তৃপক্ষ বিষয়টি খতিয়ে দেখছে। স্থানীয় বাসিন্দারা জানান, ঘটনার পর থেকে এলাকায় আতঙ্ক বিরাজ করছে। পুলিশ জানিয়েছে, দোষীদের আইনের আওতায় আনতে অভিযান অব্যাহত রয়েছে। এ বিষয়ে জানতে চাইলে সংশ্লিষ্ট কর্মকর্তা বলেন, প্রয়োজনীয় ব্যবস্থ
লোটো শোরুম থেকে অস্ত্রের মুখে ব্যবসায়ীকে
১ম পাতার পর
তিনি বলেন, পরিস্থিতি এখন স্বাভাবিক রয়েছে এবং সংশ্লিষ্ট কর্তৃপক্ষ বিষয়টি খতিয়ে দেখছে। স্থানীয় বাসিন্দারা জানান, ঘটনার পর থেকে এলাকায় আতঙ্ক বিরাজ করছে। পুলিশ জানিয়েছে, দোষীদের আইনের আওতায় আনতে অভিযান অব্যাহত রয়েছে। এ বিষয়ে জানতে চাইলে সংশ্লিষ্ট কর্মকর্তা বলেন, প্রয়োজনীয় ব্যবস্থা নেওয়া হবে এবং তদন্ত শেষে বিস্তারিত জানানো হবে। তিনি বলেন, পরিস্থিতি এখন স্বাভাবিক রয়েছে এবং সংশ্লিষ্ট কর্তৃপক্ষ বিষয়টি খতিয়ে দেখছে। স্থানীয় বাসিন্দারা জানান, ঘটনার পর থেকে এলাকায় আতঙ্ক বিরাজ করছে। পুলিশ জানিয়েছে, দোষীদের আইনের আওতায় আনতে অভিযান অব্যাহত রয়েছে। এ বিষয়ে জানতে চাইলে সংশ্লিষ্ট কর্মকর্তা বলেন, প্রয়োজনীয় ব্যবস্থা নেওয়া হবে এবং তদন্ত শেষে বিস্তারিত জানানো হবে। তি
সরকারের ব্যর্থতায় আইনশৃঙ্খলা পরিস্থিতির যথেষ্ট
১ম পাতার পর
তিনি বলেন, পরিস্থিতি এখন স্বাভাবিক রয়েছে এবং সংশ্লিষ্ট কর্তৃপক্ষ বিষয়টি খতিয়ে দেখছে। স্থানীয় বাসিন্দারা জানান, ঘটনার পর থেকে এলাকায় আতঙ্ক বিরাজ করছে। পুলিশ জানিয়েছে, দোষীদের আইনের আওতায় আনতে অভিযান অব্যাহত রয়েছে। এ বিষয়ে জানতে চাইলে সংশ্লিষ্ট কর্মকর্তা বলেন, প্রয়োজনীয় ব্যবস্থা নেওয়া হবে এবং তদন্ত শেষে বিস্তারিত জানানো হবে। তিনি বলেন, পরিস্থিতি এখন স্বাভাবিক রয়েছে এবং সংশ্লিষ্ট কর্তৃপক্ষ বিষয়টি খতিয়ে দেখছে। স্থানীয় বাসিন্দারা জানান, ঘটনার পর থেকে এলাকায় আতঙ্ক বিরাজ করছে। পুলিশ জানিয়েছে, দোষীদের আইনের আওতায় আনতে অভিযান অব্যাহত রয়েছে। এ বিষয়ে জানতে চাইলে সংশ্লিষ্ট কর্মকর্তা বলেন, প্রয়োজনীয় ব্যবস্থা নেওয়া হবে এবং তদন্ত শেষে বিস্তারিত জানানো হবে। তি
শেখ হাসিনা ও সাবেক-বর্তমান
১ম পাতার পর
তিনি বলেন, পরিস্থিতি এখন স্বাভাবিক রয়েছে এবং সংশ্লিষ্ট কর্তৃপক্ষ বিষয়টি খতিয়ে দেখছে। স্থানীয় বাসিন্দারা জানান, ঘটনার পর থেকে এলাকায় আতঙ্ক বিরাজ করছে। পুলিশ জানিয়েছে, দোষীদের আইনের আওতায় আনতে অভিযান অব্যাহত রয়েছে। এ বিষয়ে জানতে চাইলে সংশ্লিষ্ট কর্মকর্তা বলেন, প্রয়োজনীয় ব্যবস্থা নেওয়া হবে এবং তদন্ত শেষে বিস্তারিত জানানো হবে। তিনি বলেন, পরিস্থিতি এখন স্বাভাবিক রয়েছে এবং সংশ্লিষ্ট কর্তৃপক্ষ বিষয়টি খতিয়ে দেখছে। স্থানীয় বাসিন্দারা জানান, ঘটনার পর থেকে এলাকায় আতঙ্ক বিরাজ করছে। পুলিশ জানিয়েছে, দোষীদের আইনের আওতায় আনতে অভিযান অব্যাহত রয়েছে। এ বিষয়ে জানতে চাইলে সংশ্লিষ্ট কর্মকর্তা বলেন, প্রয়োজনীয় ব্যবস্থা নেওয়া হবে এবং তদন্ত শেষে বিস্তারিত জানানো হবে। তিনি বলেন, পরিস্থিতি এখন স্বাভাবিক রয়েছে এবং সংশ্লিষ্ট কর্তৃপক্ষ বিষয়টি খতিয়ে দেখছে। স্থানীয় বাসিন্দারা জানান, ঘটনার পর থেকে এলাকায় আতঙ্ক বিরাজ করছে। পুলিশ জানিয়েছে, দোষীদের আইনের আওতায় আনতে অভিযান অব্যাহত রয়েছে। এ বিষয়ে জানতে চাইলে সংশ্লিষ্ট কর্মকর্তা বলেন, প্রয়োজনীয় ব্যবস্থা নেওয়া হবে এবং তদন্ত শেষে বিস্তারিত জানানো হবে। তিনি বলেন, পরিস্থিতি এখন স্বাভাবিক রয়েছে এবং সংশ্লিষ্ট কর্তৃপক্ষ বিষয়টি খতিয়ে দেখছে। স্থানীয় বাসিন্দারা জানান, ঘটনার পর থেকে এলাকায় আতঙ্ক বিরাজ করছে। পুলিশ জানিয়েছে, দোষীদের আইনের আওতায় আনতে অভিযান অব্যাহত রয়েছে। এ বিষয়ে জানতে চ
'শহীদী শপথ' নিয়ে ৩০ দিনের মধ্যে হাদি
১ম পাতার পর
তিনি বলেন, পরিস্থিতি এখন স্বাভাবিক রয়েছে এবং সংশ্লিষ্ট কর্তৃপক্ষ বিষয়টি খতিয়ে দেখছে। স্থানীয় বাসিন্দারা জানান, ঘটনার পর থেকে এলাকায় আতঙ্ক বিরাজ করছে। পুলিশ জানিয়েছে, দোষীদের আইনের আওতায় আনতে অভিযান অব্যাহত রয়েছে। এ বিষয়ে জানতে চাইলে সংশ্লিষ্ট কর্মকর্তা বলেন, প্রয়োজনীয় ব্যবস্থা নেওয়া হবে এবং তদন্ত শেষে বিস্তারিত জানানো হবে। তিনি বলেন, পরিস্থিতি এখন স্বাভাবিক রয়েছে এবং সংশ্লিষ্ট কর্তৃপক্ষ বিষয়টি খতিয়ে দেখছে। স্থানীয় বাসিন্দারা জানান, ঘটনার পর থেকে এলাকায় আতঙ্ক বিরাজ করছে। পুলিশ জানিয়েছে, দোষীদের আইনের আওতায় আনতে অভিযান অব্যাহত রয়েছে। এ বিষয়ে জানতে চাইলে সংশ্লিষ্ট কর্মকর্তা বলেন, প্রয়োজনীয় ব্যবস্থা নেওয়া হবে এবং তদন্ত শেষে বিস্তারিত জানানো হবে। তিনি বলেন, পরিস্থিতি এখন স্বাভাবিক রয়েছে এবং সংশ্লিষ্ট কর্তৃপক্ষ বিষয়টি খতিয়ে দেখছে। স্থানীয় বাসিন্দারা জানান, ঘটনার পর থেকে এলাকায় আতঙ্ক বিরাজ করছে। পুলিশ জানিয়েছে, দোষীদের আইনের আওতায় আনতে অভিযান অব্যাহত রয়েছে। এ বিষয়ে জানতে চাইলে সংশ্লিষ্ট কর্মকর্তা বলেন, প্রয়োজনীয় ব্যবস্থা নেওয়া হবে এবং তদন্ত শেষে বিস্তারিত জানানো হবে। তিনি বলেন, পরিস্থিতি এখন স্বাভাবিক রয়েছে এবং সংশ্লিষ্ট কর্তৃপক্ষ বিষয়টি খতিয়ে দেখছে। স্থানীয় বাসিন্দারা জানান, ঘটনার পর থেকে এলাকায় আতঙ্ক বিরাজ করছে। পুলিশ জানিয়েছে, দোষীদের আইনের আওতায় আনতে অভিযান অব্যাহত রয়েছে। এ বিষয়ে জানতে চাইলে সংশ্লিষ্ট কর্মকর্তা বলেন, প্রয়োজনীয় ব্যবস্থা নেওয়া হবে এবং তদন্ত শেষে বিস্তারিত জানানো হবে। তিনি বলেন, পরিস্থিতি এখন স্বাভাবিক রয়েছে এবং সংশ্লিষ্ট কর্তৃপক্ষ বিষয়টি খতিয়ে দেখছে। স্থানীয় বাসিন্দারা
চিহ্নিত অপরাধীদের জামিন না দেওয়া ও
১ম পাতার পর
তিনি বলেন, পরিস্থিতি এখন স্বাভাবিক রয়েছে এবং সংশ্লিষ্ট কর্তৃপক্ষ বিষয়টি খতিয়ে দেখছে। স্থানীয় বাসিন্দারা জানান, ঘটনার পর থেকে এলাকায় আতঙ্ক বিরাজ করছে। পুলিশ জানিয়েছে, দোষীদের আইনের আওতায় আনতে অভিযান অব্যাহত রয়েছে। এ বিষয়ে জানতে চাইলে সংশ্লিষ্ট কর্মকর্তা বলেন, প্রয়োজনীয় ব্যবস্থা নেওয়া হবে এবং তদন্ত শেষে বিস্তারিত জানানো হবে। তিনি বলেন, পরিস্থিতি এখন স্বাভাবিক রয়েছে এবং সংশ্লিষ্ট কর্তৃপক্ষ বিষয়টি খতিয়ে দেখছে। স্থানীয় বাসিন্দারা জানান, ঘটনার পর থেকে এলাকায় আতঙ্ক বিরাজ করছে। পুলিশ জানিয়েছে, দোষীদের আইনের আওতায় আনতে অভিযান অব্যাহত রয়েছে। এ বিষয়ে জানতে চাইলে সংশ্লিষ্ট কর্মকর্তা বলেন, প্রয়োজনীয় ব্যবস্থা নেওয়া হবে এবং তদন্ত শেষে বিস্তারিত জানানো হবে। তিনি বলেন, পরিস্থিতি এখন স্বাভাবিক রয়েছে এবং সংশ্লিষ্ট কর্তৃপক্ষ বিষয়টি খতিয়ে দেখছে। স্থানীয় বাসিন্দারা জানান, ঘটনার পর থেকে এলাকায় আতঙ্ক বিরাজ করছে। পুলিশ জানিয়েছে, দোষীদের আইনের আওতায় আনতে অভিযান অব্যাহত রয়েছে। এ বিষয়ে জানতে চাইলে সংশ্লিষ্ট কর্মকর্তা বলেন, প্রয়োজনীয় ব্যবস্থা নেওয়া হবে এবং তদন্ত শেষে বিস্তারিত জানানো হবে। তিনি বলেন, পরিস্থিতি এখন স্বাভাবিক রয়েছে এবং সংশ্লিষ্ট কর্তৃপক্ষ বিষয়টি খতিয়ে দেখছে। স্থানীয় বাসিন্দারা জানান, ঘটনার পর থেকে এলাকায় আতঙ্ক বিরাজ করছে। পুলিশ জানিয়েছে, দোষীদের আইনের আওতায় আনতে অভিযান অব্যাহত রয়েছে। এ বিষয়ে জানতে চাইলে সংশ্লিষ্ট কর্মকর্তা বলেন, প্রয়োজনীয় ব্যবস্থা নেওয়া হবে এবং তদন্ত শেষে বিস্তারিত জানানো হবে। তিনি
ঢাকায় ছুটছেন নেতাকর্মীরা ব্যানার-বিলবোর্ডে ছেয়ে
১ম পাতার পর
তিনি বলেন, পরিস্থিতি এখন স্বাভাবিক রয়েছে এবং সংশ্লিষ্ট কর্তৃপক্ষ বিষয়টি খতিয়ে দেখছে। স্থানীয় বাসিন্দারা জানান, ঘটনার পর থেকে এলাকায় আতঙ্ক বিরাজ করছে। পুলিশ জানিয়েছে, দোষীদের আইনের আওতায় আনতে অভিযান অব্যাহত রয়েছে। এ বিষয়ে জানতে চাইলে সংশ্লিষ্ট কর্মকর্তা বলেন, প্রয়োজনীয় ব্যবস্থা নেওয়া হবে এবং তদন্ত শেষে বিস্তারিত জানানো হবে। তিনি বলেন, পরিস্থিতি এখন স্বাভাবিক রয়েছে এবং সংশ্লিষ্ট কর্তৃপক্ষ বিষয়টি খতিয়ে দেখছে। স্থানীয় বাসিন্দারা জানান, ঘটনার পর থেকে এলাকায় আতঙ্ক বিরাজ করছে। পুলিশ জানিয়েছে, দোষীদের আইনের আওতায় আনতে অভিযান অব্যাহত রয়েছে। এ বিষয়ে জানতে চাইলে সংশ্লিষ্ট কর্মকর্তা বলেন, প্রয়োজনীয় ব্যবস্থা নেওয়া হবে এবং তদন্ত শেষে বিস্তারিত জানানো হবে। তিনি বলেন, পরিস্থিতি এখন স্বাভাবিক রয়েছে এবং সংশ্লিষ্ট কর্তৃপক্ষ বিষয়টি খতিয়ে দেখছে। স্থানীয় বাসিন্দারা জানান, ঘটনার পর থেকে এলাকায় আতঙ্ক বিরাজ করছে। পুলিশ জানিয়েছে, দোষীদের আইনের আওতায় আনতে অভিযান অব্যাহত রয়েছে। এ বিষয়ে জানতে চাইলে সংশ্লিষ্ট কর্মকর্তা বলেন, প্রয়োজনীয় ব্যবস্থা নেওয়া হবে এবং তদন্ত শেষে বিস্তারিত জানানো হবে। তিনি বলেন, পরিস্থিতি এখন স্বাভাবিক রয়েছে এবং সংশ্লিষ্ট কর্তৃপক্ষ বিষয়টি খতিয়ে দেখছে। স্থানীয় বাসিন্দারা জানান, ঘটনার পর থেকে এলাকায় আতঙ্ক বিরাজ করছে। পুলিশ জানিয়েছে, দোষীদের আইনের আওতায় আনতে অভিযান অব্যাহত রয়েছে। এ বিষয়ে জানতে চাইলে সংশ্লিষ্ট কর্মকর্তা বলেন, প্রয়োজনীয় ব্যবস্থা নেওয়া হবে এবং তদন্ত শেষে বিস্তারিত জানানো হবে। তিনি বলেন, পরিস্থিতি এখন স্বাভাবিক রয়েছে এবং সংশ্লিষ্ট কর্তৃপক্ষ বিষয়টি খতিয়ে দেখছে। স্থানীয় বাসিন্দারা জানান, ঘটনার পর থেকে এলাকায় আতঙ্ক বিরাজ করছে। পুলিশ জানিয়েছে, দোষীদের আইনের আওতায় আনতে অভিযান অব্যাহত রয়েছে। এ বিষয়ে জানতে চাইলে সংশ্লিষ্ট কর্মকর্তা বলেন, প্রয়োজনীয় ব্যবস্থা নেওয়া হবে এবং তদন্ত শেষে বিস্তারিত জানানো হবে। তিনি বলেন, পরিস্থিতি এখন স্বাভাবিক রয়েছে এবং সংশ্লিষ্ট কর্তৃপক্ষ বিষয়টি খতিয়ে দেখছে। স্থানীয় বাসিন্দারা জানান, ঘটনার পর থেকে এলাকায় আতঙ্ক বিরাজ করছে। পুলিশ জানিয়েছে, দোষীদের আইনের আওতায় আনতে অভিযান অব্যাহত রয়েছে। এ বিষয়ে জানতে চাইলে সংশ্লিষ্ট কর্মকর্তা বলেন, প্রয়োজনীয় ব্যবস্থা নেওয়া হবে এবং তদন্ত শেষে বিস্তারিত জানানো হবে। তিনি বলেন, পরিস্থিতি এখন স্বাভাবিক রয়েছে এবং সংশ্লিষ্ট কর্তৃপক্ষ বিষয়টি খতিয়ে দেখছে। স্থানীয় বাসিন্দারা জানান, ঘটনার পর থেকে এলাকায় আতঙ্ক বিরাজ করছে। পুলিশ জানিয়েছে, দোষীদের আইনের আওতায় আনতে অভিযান অব্যাহত রয়েছে। এ বিষয়ে জানতে চাইলে সংশ্লিষ্ট কর্মকর্তা বলেন, প্রয়োজনীয় ব্যবস্থা নেওয়া হবে এবং তদন্ত শেষে বিস্তারিত জানানো হবে। তিনি বলেন, পরিস্থিতি এখন স্বাভাবিক রয়েছে এবং সংশ্লিষ্ট কর্তৃপক্ষ বিষয়টি খতিয়ে দেখছে। স্থানীয় বাসিন্দারা জানান, ঘটনার পর থেকে এলাকায় আতঙ্ক বিরাজ করছে। পুলিশ জানিয়েছে, দোষীদের আইনের আওতায় আনতে অভিযান অব্যাহত রয়েছে। এ বিষয়ে জানতে চাইলে সংশ্লিষ্ট কর্মকর্তা বলেন, প্রয়োজনীয় ব্যবস্থা নেওয়া হবে এবং তদন্ত শেষে বিস্তারিত জানানো হবে। তিনি বলেন, পরিস্থিতি এখন স্বাভাবিক রয়েছে এবং সংশ্লিষ্ট কর্তৃপক্ষ বিষয়টি খতিয়ে দেখছে। স্থানীয় বাসিন্দারা জানান, ঘটনার পর থেকে এলাকায় আতঙ্ক বিরাজ করছে। পুলিশ জানিয়েছে, দোষীদের আইনের আওতায় আনতে অভিযান অব্যাহত রয়েছে। এ বিষয়ে জানতে চাইলে সংশ্লিষ্ট কর্মকর্তা বলেন, প্রয়োজনীয় ব্যবস্থা নেওয়া হবে এবং তদন্ত শেষে বিস্তারিত জানানো হবে। তিনি বলেন, পরিস্থিতি এখন স্বাভাবিক রয়েছে এবং সংশ্লিষ্ট কর্তৃপক্ষ বিষয়টি খতিয়ে দেখছে। স্থানীয় বাসিন্দারা জানান, ঘটনার পর থেকে এলাকায় আতঙ্ক বিরাজ করছে। পুলিশ জানিয়েছে, দোষীদের আইনের আওতায় আনতে অভিযান অব্যাহত রয়েছে। এ বিষয়ে জানতে চাইলে সংশ্লিষ্ট কর্মকর্তা বলেন, প্রয়োজনীয় ব্যবস্থা নেওয়া হবে এবং তদন্ত শেষে বিস্তারিত জানানো হবে। তিনি বলেন, পরিস্থিতি এখন স্বাভাবিক রয়েছে এবং সংশ্লিষ্ট কর্তৃপক্ষ বিষয়টি খতিয়ে দেখছে। স্থানীয় বাসিন্দারা জানান, ঘটনার পর থেকে এলাকায় আতঙ্ক বিরাজ করছে। পুলিশ জানিয়েছে, দোষীদের আইনের আওতায় আনতে অভিযান অব্যাহত রয়েছে। এ বিষয়ে জানতে চাইলে সংশ্লিষ্ট কর্মকর্তা বলেন, প্রয়োজনীয় ব্যবস্থা নেওয়া হবে এবং তদন্ত শেষে বিস্তারিত জানানো হবে। তিনি বলেন, পরিস্থিতি এখন স্বাভাবিক রয়েছে এবং সংশ্লিষ্ট কর্তৃপক্ষ বিষয়টি খতিয়ে দেখছে। স্থানীয় বাসিন্দারা জানান, ঘটনার পর থেকে এলাকায় আতঙ্ক বিরাজ করছে। পুলিশ জানিয়েছে, দোষীদের আইনের আওতায় আনতে অভিযান অব্যাহত রয়েছে। এ বিষয়ে জানতে চাইলে সংশ্লিষ্ট কর্মকর্তা বলেন, প্রয়োজনীয় ব্যবস্থা নেওয়া হবে এবং তদন্ত শেষে বিস্তারিত জানানো হবে। তিনি বলেন, পরিস্থিতি এখন স্বাভাবিক রয়েছে এবং সংশ্লিষ্ট কর্তৃপক্ষ বিষয়টি খতিয়ে দেখছে। স্থানীয় বাসিন্দারা জানান, ঘটনার পর থেকে এলাকায় আতঙ্ক বিরাজ করছে। পুলিশ জানিয়েছে, দোষীদের আইনের আওতায় আনতে অভিযান অব্যাহত রয়েছে। এ বিষয়ে জানতে চাইলে সংশ্লিষ্ট কর্মকর্তা বলেন, প্রয়োজনীয় ব্যবস্থা নেওয়া হবে এবং তদন্ত শেষে বিস্তারিত জানানো হবে। তিনি বলেন, পরিস্থিতি এখন স্বাভাবিক রয়েছে এবং সংশ্লিষ্ট কর্তৃপক্ষ বিষয়টি খতিয়ে দেখছে। স্থানীয় বাসিন্দারা জানান, ঘটনার পর থেকে এলাকায় আতঙ্ক বিরাজ করছে। পুলিশ জানিয়েছে, দোষীদের আইনের আওতায় আন
